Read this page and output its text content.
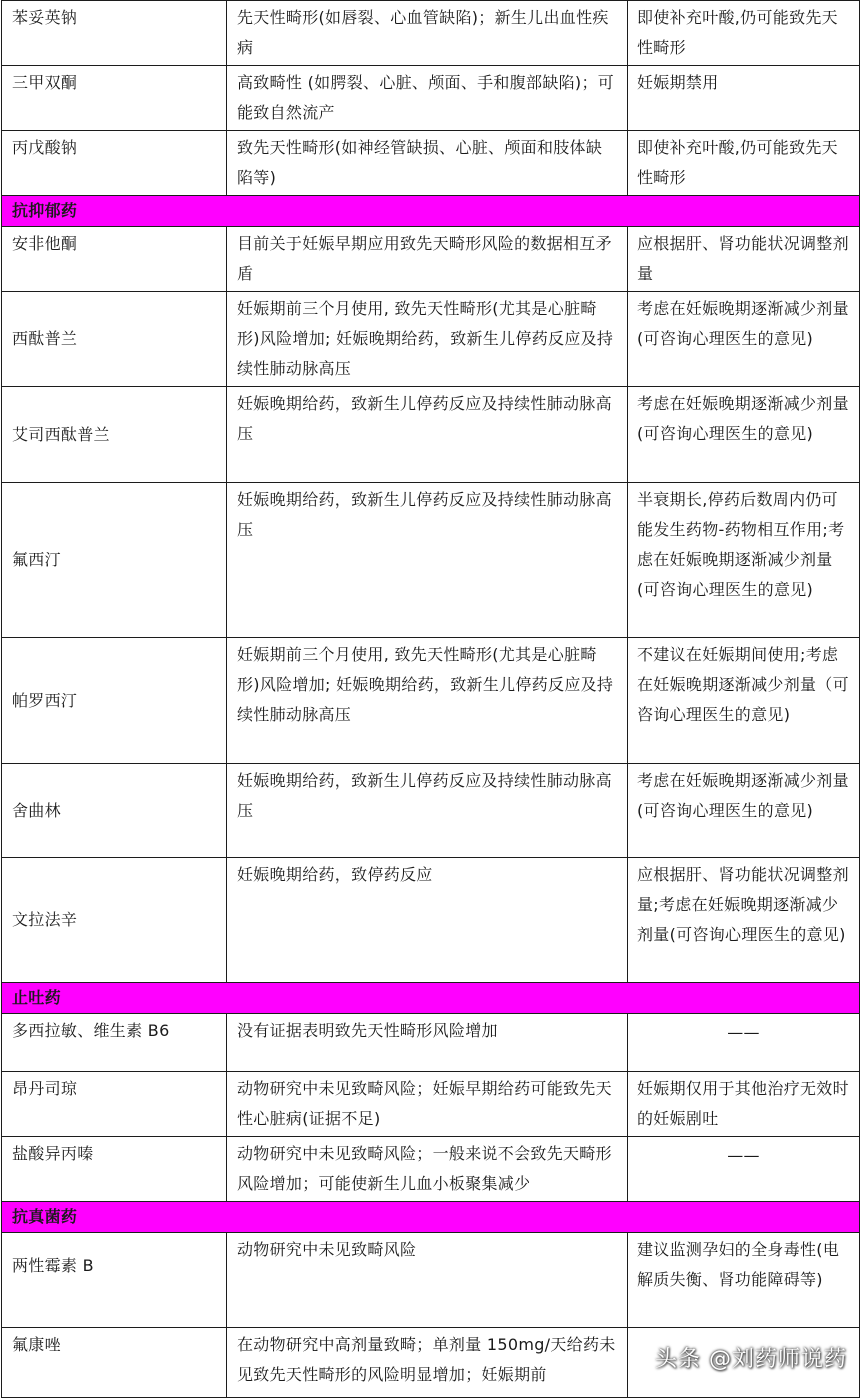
苯妥英钠	先天性畸形(如唇裂、心血管缺陷)；新生儿出血性疾病	即使补充叶酸,仍可能致先天性畸形
三甲双酮	高致畸性 (如腭裂、心脏、颅面、手和腹部缺陷)；可能致自然流产	妊娠期禁用
丙戊酸钠	致先天性畸形(如神经管缺损、心脏、颅面和肢体缺陷等)	即使补充叶酸,仍可能致先天性畸形
抗抑郁药		
安非他酮	目前关于妊娠早期应用致先天畸形风险的数据相互矛盾	应根据肝、肾功能状况调整剂量
西酞普兰	妊娠期前三个月使用, 致先天性畸形(尤其是心脏畸形)风险增加; 妊娠晚期给药，致新生儿停药反应及持续性肺动脉高压	考虑在妊娠晚期逐渐减少剂量(可咨询心理医生的意见)
艾司西酞普兰	妊娠晚期给药，致新生儿停药反应及持续性肺动脉高压	考虑在妊娠晚期逐渐减少剂量(可咨询心理医生的意见)
氟西汀	妊娠晚期给药，致新生儿停药反应及持续性肺动脉高压	半衰期长,停药后数周内仍可能发生药物-药物相互作用;考虑在妊娠晚期逐渐减少剂量(可咨询心理医生的意见)
帕罗西汀	妊娠期前三个月使用, 致先天性畸形(尤其是心脏畸形)风险增加; 妊娠晚期给药，致新生儿停药反应及持续性肺动脉高压	不建议在妊娠期间使用;考虑在妊娠晚期逐渐减少剂量（可咨询心理医生的意见)
舍曲林	妊娠晚期给药，致新生儿停药反应及持续性肺动脉高压	考虑在妊娠晚期逐渐减少剂量(可咨询心理医生的意见)
文拉法辛	妊娠晚期给药，致停药反应	应根据肝、肾功能状况调整剂量;考虑在妊娠晚期逐渐减少剂量(可咨询心理医生的意见)
止吐药		
多西拉敏、维生素 B6	没有证据表明致先天性畸形风险增加	——

昂丹司琼	动物研究中未见致畸风险；妊娠早期给药可能致先天性心脏病(证据不足)	妊娠期仅用于其他治疗无效时的妊娠剧吐
盐酸异丙嗪	动物研究中未见致畸风险；一般来说不会致先天畸形风险增加；可能使新生儿血小板聚集减少	——

抗真菌药		
两性霉素 B	动物研究中未见致畸风险	建议监测孕妇的全身毒性(电解质失衡、肾功能障碍等)
氟康唑	在动物研究中高剂量致畸；单剂量 150mg/天给药未见致先天性畸形的风险明显增加；妊娠期前	
头条 @刘药师说药
